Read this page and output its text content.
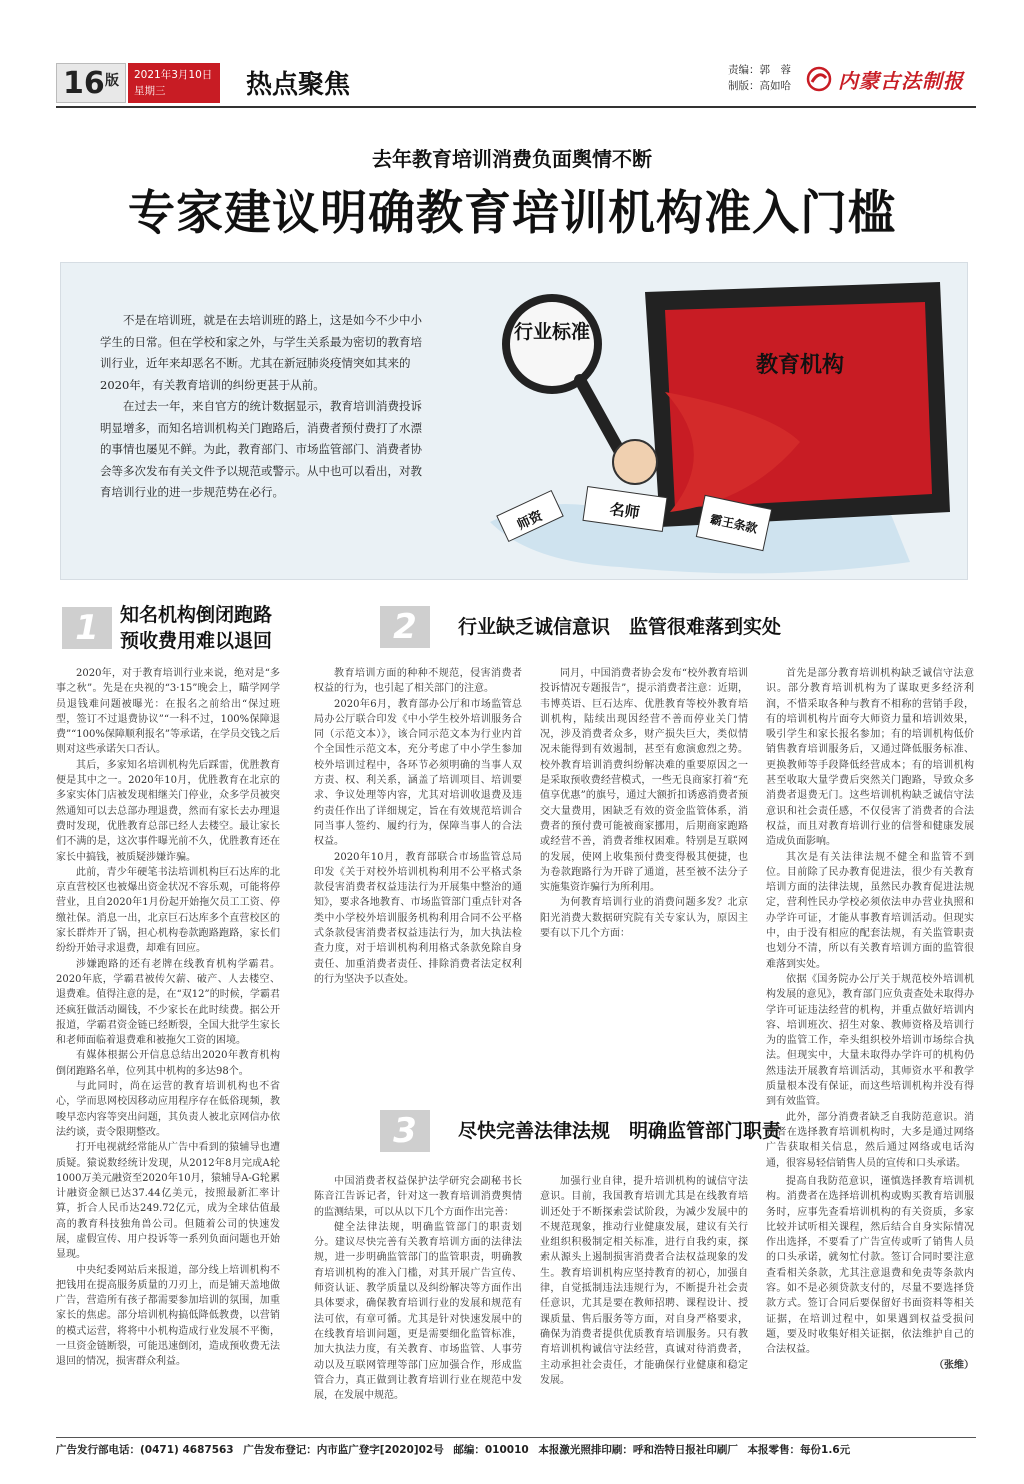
16 版 2021年3月10日
星期三	热点聚焦	责编：郭　蓉
制版：高如哈 内蒙古法制报
去年教育培训消费负面舆情不断
专家建议明确教育培训机构准入门槛

不是在培训班，就是在去培训班的路上，这是如今不少中小学生的日常。但在学校和家之外，与学生关系最为密切的教育培训行业，近年来却恶名不断。尤其在新冠肺炎疫情突如其来的2020年，有关教育培训的纠纷更甚于从前。

在过去一年，来自官方的统计数据显示，教育培训消费投诉明显增多，而知名培训机构关门跑路后，消费者预付费打了水漂的事情也屡见不鲜。为此，教育部门、市场监管部门、消费者协会等多次发布有关文件予以规范或警示。从中也可以看出，对教育培训行业的进一步规范势在必行。

教育机构
行业标准
师资	名师
霸王条款
1	知名机构倒闭跑路
预收费用难以退回

2020年，对于教育培训行业来说，绝对是“多事之秋”。先是在央视的“3·15”晚会上，瞄学网学员退钱难问题被曝光：在报名之前给出“保过班型，签订不过退费协议”“一科不过，100%保障退费”“100%保障顺利报名”等承诺，在学员交钱之后则对这些承诺矢口否认。

其后，多家知名培训机构先后踩雷，优胜教育便是其中之一。2020年10月，优胜教育在北京的多家实体门店被发现相继关门停业，众多学员被突然通知可以去总部办理退费，然而有家长去办理退费时发现，优胜教育总部已经人去楼空。最让家长们不满的是，这次事件曝光前不久，优胜教育还在家长中搞钱，被质疑涉嫌诈骗。

此前，青少年硬笔书法培训机构巨石达库的北京直营校区也被爆出资金状况不容乐观，可能将停营业，且自2020年1月份起开始拖欠员工工资、停缴社保。消息一出，北京巨石达库多个直营校区的家长群炸开了锅，担心机构卷款跑路跑路，家长们纷纷开始寻求退费，却难有回应。

涉嫌跑路的还有老牌在线教育机构学霸君。2020年底，学霸君被传欠薪、破产、人去楼空、退费难。值得注意的是，在“双12”的时候，学霸君还疯狂做活动圈钱，不少家长在此时续费。据公开报道，学霸君资金链已经断裂，全国大批学生家长和老师面临着退费难和被拖欠工资的困境。

有媒体根据公开信息总结出2020年教育机构倒闭跑路名单，位列其中机构的多达98个。

与此同时，尚在运营的教育培训机构也不省心，学而思网校因移动应用程序存在低俗现频，教唆早恋内容等突出问题，其负责人被北京网信办依法约谈，责令限期整改。

打开电视就经常能从广告中看到的猿辅导也遭质疑。猿说数经统计发现，从2012年8月完成A轮1000万美元融资至2020年10月，猿辅导A-G轮累计融资金额已达37.44亿美元，按照最新汇率计算，折合人民币达249.72亿元，成为全球估值最高的教育科技独角兽公司。但随着公司的快速发展，虚假宣传、用户投诉等一系列负面问题也开始显现。

中央纪委网站后来报道，部分线上培训机构不把钱用在提高服务质量的刀刃上，而是铺天盖地做广告，营造所有孩子都需要参加培训的氛围，加重家长的焦虑。部分培训机构搞低降低教费，以营销的模式运营，将将中小机构造成行业发展不平衡，一旦资金链断裂，可能迅速倒闭，造成预收费无法退回的情况，损害群众利益。

2	行业缺乏诚信意识　监管很难落到实处

教育培训方面的种种不规范，侵害消费者权益的行为，也引起了相关部门的注意。

2020年6月，教育部办公厅和市场监管总局办公厅联合印发《中小学生校外培训服务合同（示范文本）》，该合同示范文本为行业内首个全国性示范文本，充分考虑了中小学生参加校外培训过程中，各环节必须明确的当事人双方责、权、利关系，涵盖了培训项目、培训要求、争议处理等内容，尤其对培训收退费及违约责任作出了详细规定，旨在有效规范培训合同当事人签约、履约行为，保障当事人的合法权益。

2020年10月，教育部联合市场监管总局印发《关于对校外培训机构利用不公平格式条款侵害消费者权益违法行为开展集中整治的通知》，要求各地教育、市场监管部门重点针对各类中小学校外培训服务机构利用合同不公平格式条款侵害消费者权益违法行为，加大执法检查力度，对于培训机构利用格式条款免除自身责任、加重消费者责任、排除消费者法定权利的行为坚决予以查处。

同月，中国消费者协会发布“校外教育培训投诉情况专题报告”，提示消费者注意：近期，韦博英语、巨石达库、优胜教育等校外教育培训机构，陆续出现因经营不善而停业关门情况，涉及消费者众多，财产损失巨大，类似情况未能得到有效遏制，甚至有愈演愈烈之势。校外教育培训消费纠纷解决难的重要原因之一是采取预收费经营模式，一些无良商家打着“充值享优惠”的旗号，通过大额折扣诱惑消费者预交大量费用，困缺乏有效的资金监管体系，消费者的预付费可能被商家挪用，后期商家跑路或经营不善，消费者维权困难。特别是互联网的发展，使网上收集预付费变得极其便捷，也为卷款跑路行为开辟了通道，甚至被不法分子实施集资诈骗行为所利用。

为何教育培训行业的消费问题多发？北京阳光消费大数据研究院有关专家认为，原因主要有以下几个方面：

首先是部分教育培训机构缺乏诚信守法意识。部分教育培训机构为了谋取更多经济利润，不惜采取各种与教育不相称的营销手段，有的培训机构片面夸大师资力量和培训效果，吸引学生和家长报名参加；有的培训机构低价销售教育培训服务后，又通过降低服务标准、更换教师等手段降低经营成本；有的培训机构甚至收取大量学费后突然关门跑路，导致众多消费者退费无门。这些培训机构缺乏诚信守法意识和社会责任感，不仅侵害了消费者的合法权益，而且对教育培训行业的信誉和健康发展造成负面影响。

其次是有关法律法规不健全和监管不到位。目前除了民办教育促进法，很少有关教育培训方面的法律法规，虽然民办教育促进法规定，营利性民办学校必须依法申办营业执照和办学许可证，才能从事教育培训活动。但现实中，由于没有相应的配套法规，有关监管职责也划分不清，所以有关教育培训方面的监管很难落到实处。

依据《国务院办公厅关于规范校外培训机构发展的意见》，教育部门应负责查处未取得办学许可证违法经营的机构，并重点做好培训内容、培训班次、招生对象、教师资格及培训行为的监管工作，牵头组织校外培训市场综合执法。但现实中，大量未取得办学许可的机构仍然违法开展教育培训活动，其师资水平和教学质量根本没有保证，而这些培训机构并没有得到有效监管。

此外，部分消费者缺乏自我防范意识。消费者在选择教育培训机构时，大多是通过网络广告获取相关信息，然后通过网络或电话沟通，很容易轻信销售人员的宣传和口头承诺。

3	尽快完善法律法规　明确监管部门职责

中国消费者权益保护法学研究会副秘书长陈音江告诉记者，针对这一教育培训消费舆情的监测结果，可以从以下几个方面作出完善：

健全法律法规，明确监管部门的职责划分。建议尽快完善有关教育培训方面的法律法规，进一步明确监管部门的监管职责，明确教育培训机构的准入门槛，对其开展广告宣传、师资认证、教学质量以及纠纷解决等方面作出具体要求，确保教育培训行业的发展和规范有法可依，有章可循。尤其是针对快速发展中的在线教育培训问题，更是需要细化监管标准，加大执法力度，有关教育、市场监管、人事劳动以及互联网管理等部门应加强合作，形成监管合力，真正做到让教育培训行业在规范中发展，在发展中规范。

加强行业自律，提升培训机构的诚信守法意识。目前，我国教育培训尤其是在线教育培训还处于不断探索尝试阶段，为减少发展中的不规范现象，推动行业健康发展，建议有关行业组织积极制定相关标准，进行自我约束，探索从源头上遏制损害消费者合法权益现象的发生。教育培训机构应坚持教育的初心，加强自律，自觉抵制违法违规行为，不断提升社会责任意识，尤其是要在教师招聘、课程设计、授课质量、售后服务等方面，对自身严格要求，确保为消费者提供优质教育培训服务。只有教育培训机构诚信守法经营，真诚对待消费者，主动承担社会责任，才能确保行业健康和稳定发展。

提高自我防范意识，谨慎选择教育培训机构。消费者在选择培训机构或购买教育培训服务时，应事先查看培训机构的有关资质，多家比较并试听相关课程，然后结合自身实际情况作出选择，不要看了广告宣传或听了销售人员的口头承诺，就匆忙付款。签订合同时要注意查看相关条款，尤其注意退费和免责等条款内容。如不是必须贷款支付的，尽量不要选择贷款方式。签订合同后要保留好书面资料等相关证据，在培训过程中，如果遇到权益受损问题，要及时收集好相关证据，依法维护自己的合法权益。

（张维）
广告发行部电话：(0471) 4687563 广告发布登记：内市监广登字[2020]02号 邮编：010010 本报激光照排印刷：呼和浩特日报社印刷厂 本报零售：每份1.6元
